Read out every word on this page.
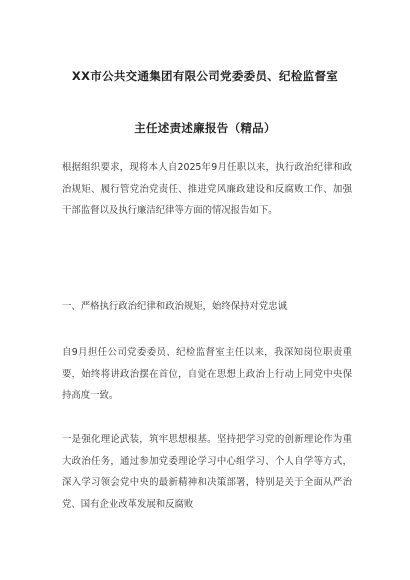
XX市公共交通集团有限公司党委委员、纪检监督室
主任述责述廉报告（精品）

根据组织要求，现将本人自2025年9月任职以来，执行政治纪律和政治规矩、履行管党治党责任、推进党风廉政建设和反腐败工作、加强干部监督以及执行廉洁纪律等方面的情况报告如下。

一、严格执行政治纪律和政治规矩，始终保持对党忠诚

自9月担任公司党委委员、纪检监督室主任以来，我深知岗位职责重要，始终将讲政治摆在首位，自觉在思想上政治上行动上同党中央保持高度一致。

一是强化理论武装，筑牢思想根基。坚持把学习党的创新理论作为重大政治任务，通过参加党委理论学习中心组学习、个人自学等方式，深入学习领会党中央的最新精神和决策部署，特别是关于全面从严治党、国有企业改革发展和反腐败
